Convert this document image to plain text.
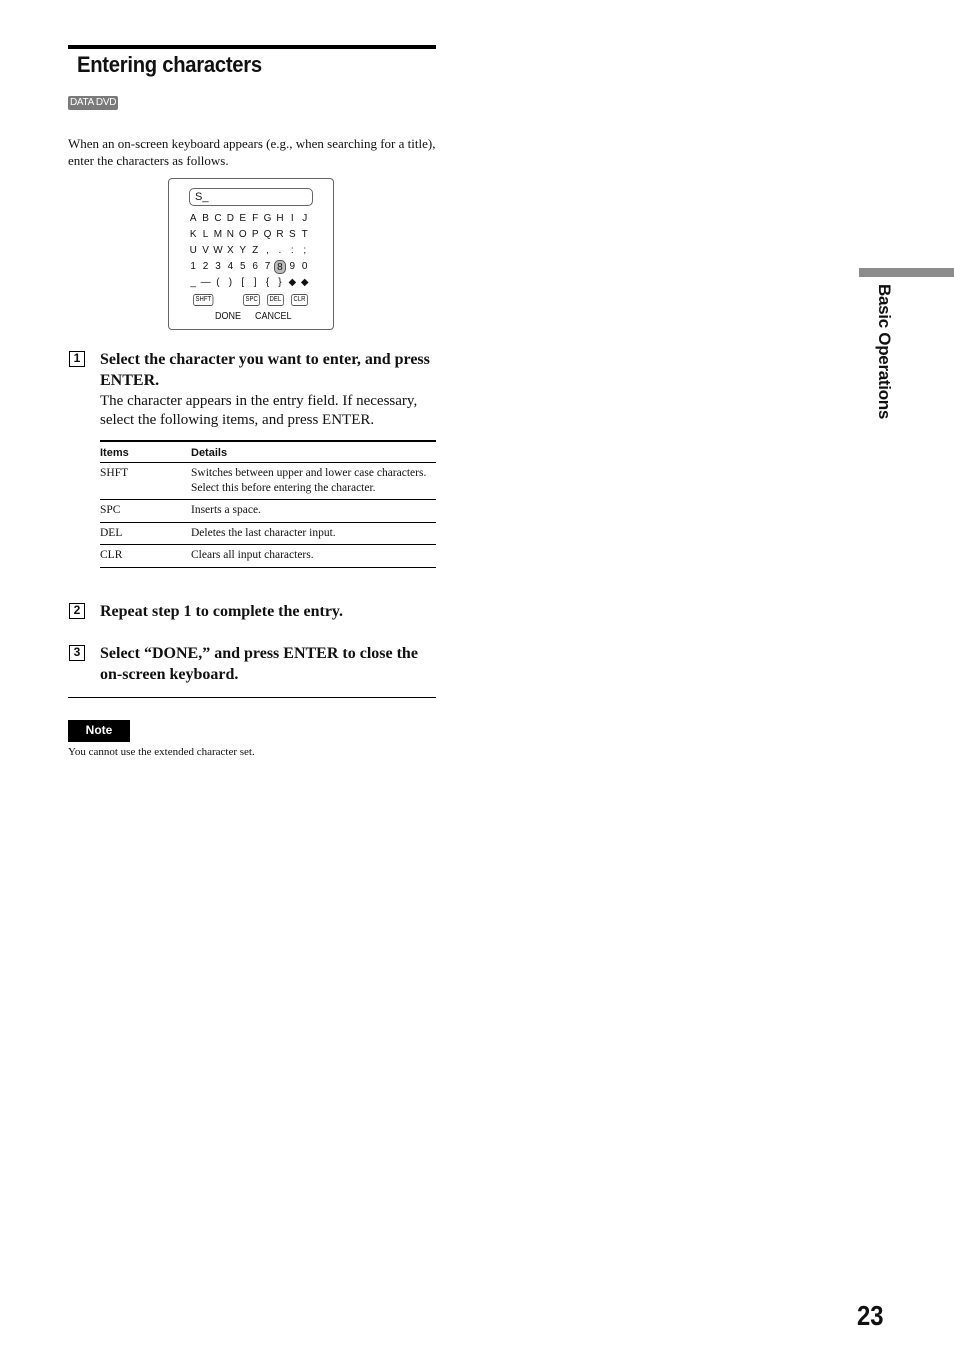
Entering characters
DATA DVD
When an on-screen keyboard appears (e.g., when searching for a title), enter the characters as follows.
S_
A B C D E F G H I J
K L M N O P Q R S T
U V W X Y Z , . : ;
1 2 3 4 5 6 7 8 9 0
_ — ( ) [ ] { } ◆ ◆
SHFT	SPC	DEL	CLR
DONE CANCEL
1 Select the character you want to enter, and press ENTER.
The character appears in the entry field. If necessary, select the following items, and press ENTER.
Items	Details
SHFT	Switches between upper and lower case characters. Select this before entering the character.
SPC	Inserts a space.
DEL	Deletes the last character input.
CLR	Clears all input characters.
2 Repeat step 1 to complete the entry.
3 Select “DONE,” and press ENTER to close the on-screen keyboard.
Note
You cannot use the extended character set.
Basic Operations
23
